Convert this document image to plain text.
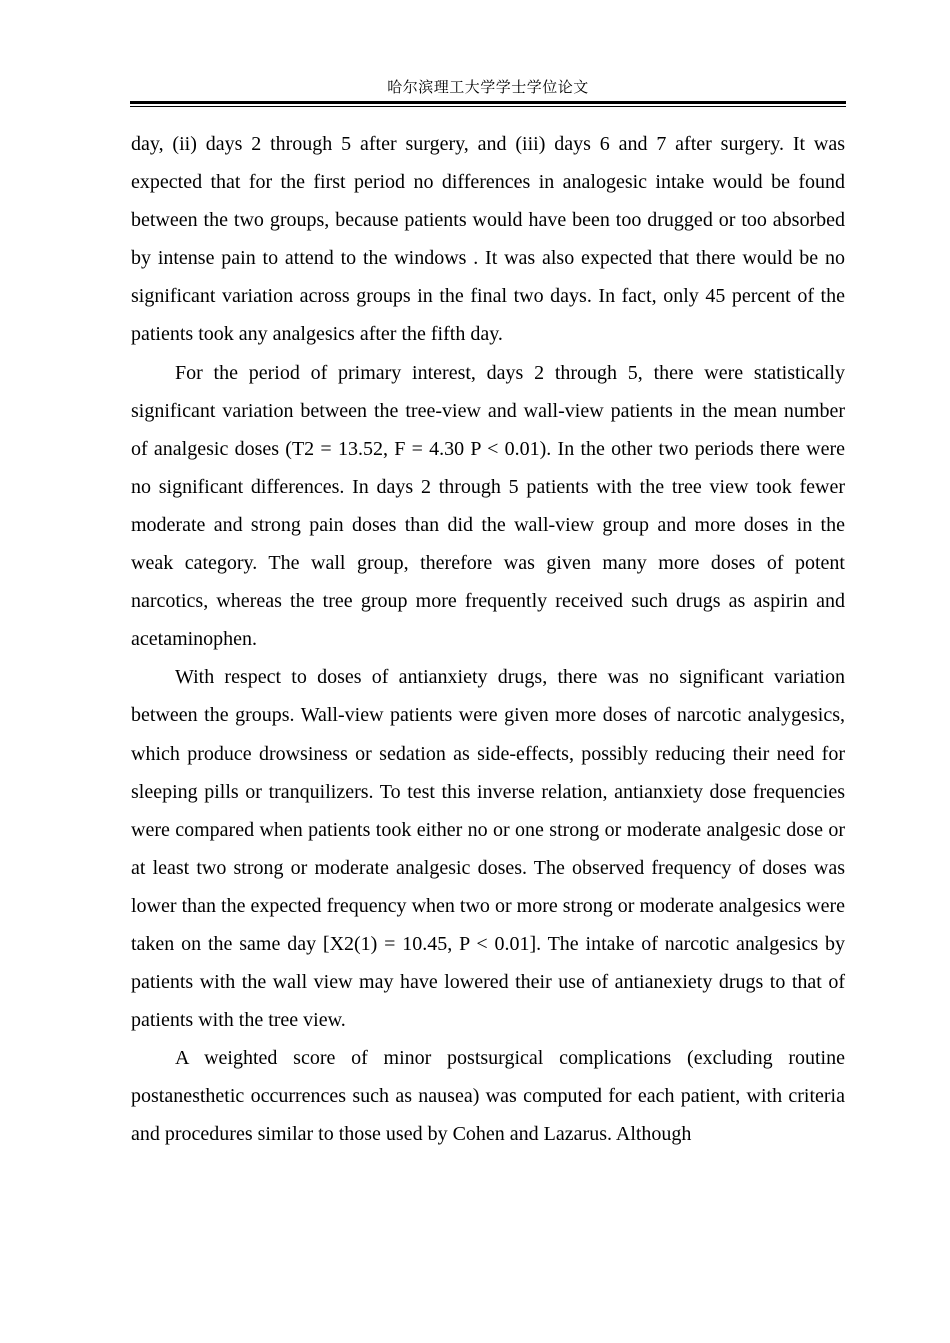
哈尔滨理工大学学士学位论文

day, (ii) days 2 through 5 after surgery, and (iii) days 6 and 7 after surgery. It was expected that for the first period no differences in analogesic intake would be found between the two groups, because patients would have been too drugged or too absorbed by intense pain to attend to the windows . It was also expected that there would be no significant variation across groups in the final two days. In fact, only 45 percent of the patients took any analgesics after the fifth day.

For the period of primary interest, days 2 through 5, there were statistically significant variation between the tree-view and wall-view patients in the mean number of analgesic doses (T2 = 13.52, F = 4.30 P < 0.01). In the other two periods there were no significant differences. In days 2 through 5 patients with the tree view took fewer moderate and strong pain doses than did the wall-view group and more doses in the weak category. The wall group, therefore was given many more doses of potent narcotics, whereas the tree group more frequently received such drugs as aspirin and acetaminophen.

With respect to doses of antianxiety drugs, there was no significant variation between the groups. Wall-view patients were given more doses of narcotic analygesics, which produce drowsiness or sedation as side-effects, possibly reducing their need for sleeping pills or tranquilizers. To test this inverse relation, antianxiety dose frequencies were compared when patients took either no or one strong or moderate analgesic dose or at least two strong or moderate analgesic doses. The observed frequency of doses was lower than the expected frequency when two or more strong or moderate analgesics were taken on the same day [X2(1) = 10.45, P < 0.01]. The intake of narcotic analgesics by patients with the wall view may have lowered their use of antianexiety drugs to that of patients with the tree view.

A weighted score of minor postsurgical complications (excluding routine postanesthetic occurrences such as nausea) was computed for each patient, with criteria and procedures similar to those used by Cohen and Lazarus. Although
